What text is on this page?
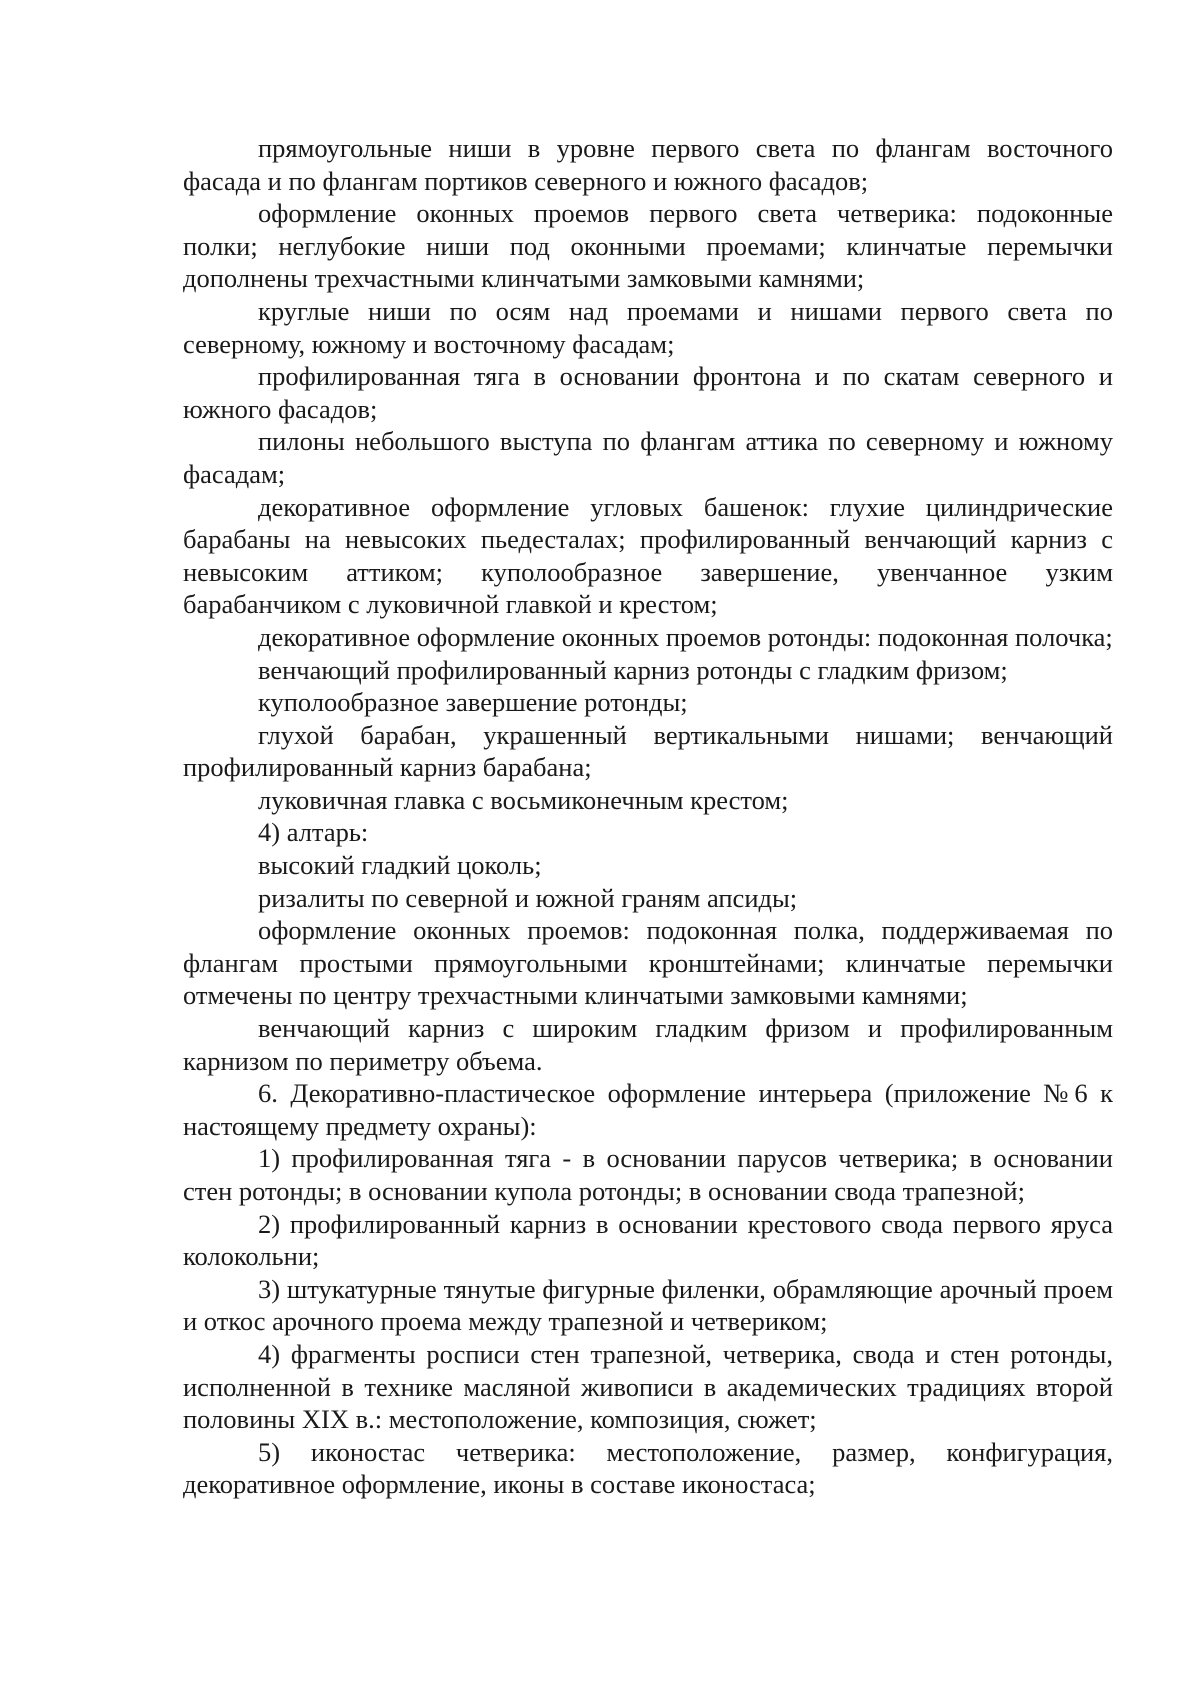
прямоугольные ниши в уровне первого света по флангам восточного фасада и по флангам портиков северного и южного фасадов;

оформление оконных проемов первого света четверика: подоконные полки; неглубокие ниши под оконными проемами; клинчатые перемычки дополнены трехчастными клинчатыми замковыми камнями;

круглые ниши по осям над проемами и нишами первого света по северному, южному и восточному фасадам;

профилированная тяга в основании фронтона и по скатам северного и южного фасадов;

пилоны небольшого выступа по флангам аттика по северному и южному фасадам;

декоративное оформление угловых башенок: глухие цилиндрические барабаны на невысоких пьедесталах; профилированный венчающий карниз с невысоким аттиком; куполообразное завершение, увенчанное узким барабанчиком с луковичной главкой и крестом;

декоративное оформление оконных проемов ротонды: подоконная полочка;

венчающий профилированный карниз ротонды с гладким фризом;

куполообразное завершение ротонды;

глухой барабан, украшенный вертикальными нишами; венчающий профилированный карниз барабана;

луковичная главка с восьмиконечным крестом;

4) алтарь:

высокий гладкий цоколь;

ризалиты по северной и южной граням апсиды;

оформление оконных проемов: подоконная полка, поддерживаемая по флангам простыми прямоугольными кронштейнами; клинчатые перемычки отмечены по центру трехчастными клинчатыми замковыми камнями;

венчающий карниз с широким гладким фризом и профилированным карнизом по периметру объема.

6. Декоративно-пластическое оформление интерьера (приложение №6 к настоящему предмету охраны):

1) профилированная тяга - в основании парусов четверика; в основании стен ротонды; в основании купола ротонды; в основании свода трапезной;

2) профилированный карниз в основании крестового свода первого яруса колокольни;

3) штукатурные тянутые фигурные филенки, обрамляющие арочный проем и откос арочного проема между трапезной и четвериком;

4) фрагменты росписи стен трапезной, четверика, свода и стен ротонды, исполненной в технике масляной живописи в академических традициях второй половины XIX в.: местоположение, композиция, сюжет;

5) иконостас четверика: местоположение, размер, конфигурация, декоративное оформление, иконы в составе иконостаса;
